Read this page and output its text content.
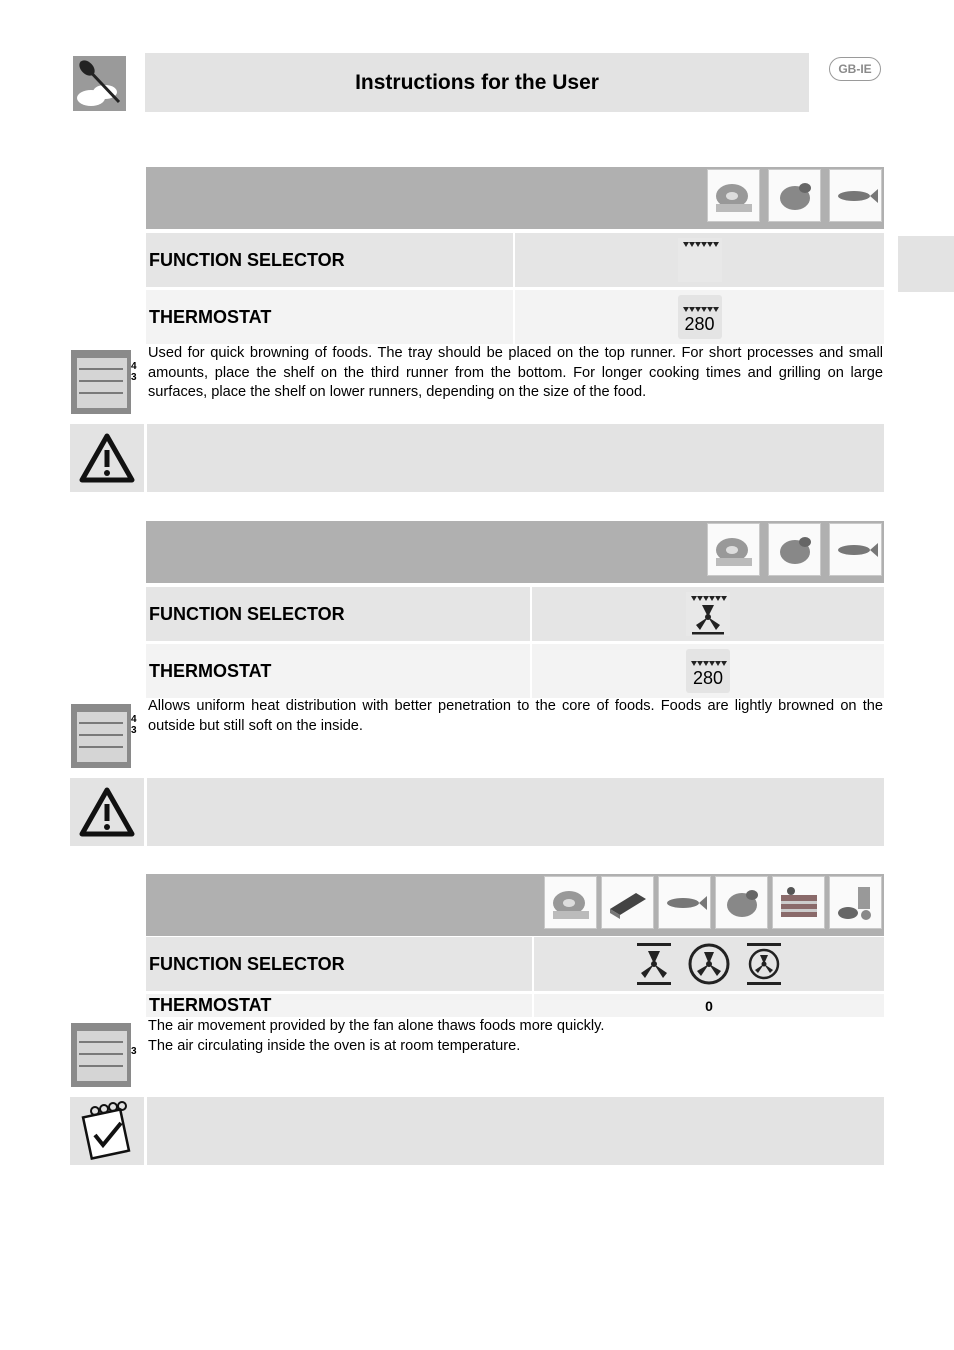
Instructions for the User
GB-IE
FUNCTION SELECTOR
THERMOSTAT	280
4
3
Used for quick browning of foods. The tray should be placed on the top runner. For short processes and small amounts, place the shelf on the third runner from the bottom. For longer cooking times and grilling on large surfaces, place the shelf on lower runners, depending on the size of the food.
FUNCTION SELECTOR
THERMOSTAT	280
4
3
Allows uniform heat distribution with better penetration to the core of foods. Foods are lightly browned on the outside but still soft on the inside.
FUNCTION SELECTOR
THERMOSTAT	0
3
The air movement provided by the fan alone thaws foods more quickly.
The air circulating inside the oven is at room temperature.
